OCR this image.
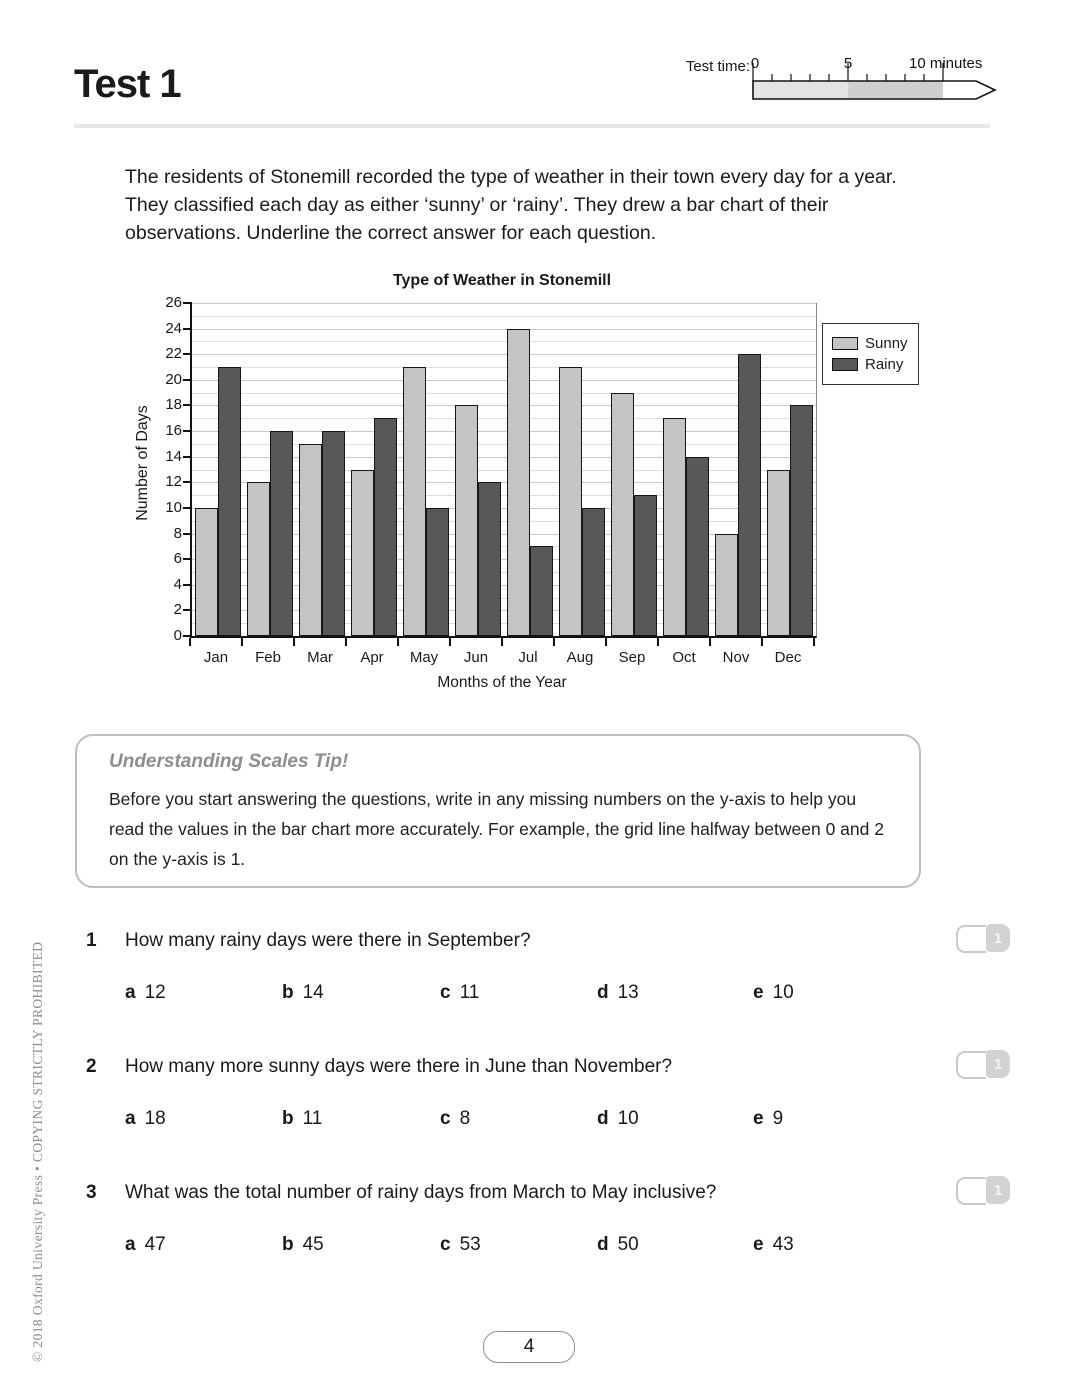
Test 1	Test time: 0	5	10 minutes
The residents of Stonemill recorded the type of weather in their town every day for a year. They classified each day as either ‘sunny’ or ‘rainy’. They drew a bar chart of their observations. Underline the correct answer for each question.
Type of Weather in Stonemill
Number of Days
Months of the Year
Sunny
Rainy
0
2
4
6
8
10
12
14
16
18
20
22
24
26
Jan	Feb	Mar	Apr	May	Jun	Jul	Aug	Sep	Oct	Nov	Dec
Understanding Scales Tip!
Before you start answering the questions, write in any missing numbers on the y-axis to help you read the values in the bar chart more accurately. For example, the grid line halfway between 0 and 2 on the y-axis is 1.
1	How many rainy days were there in September?	1
a 12	b 14	c 11	d 13	e 10
2	How many more sunny days were there in June than November?	1
a 18	b 11	c 8	d 10	e 9
3	What was the total number of rainy days from March to May inclusive?	1
a 47	b 45	c 53	d 50	e 43
4
© 2018 Oxford University Press • COPYING STRICTLY PROHIBITED
